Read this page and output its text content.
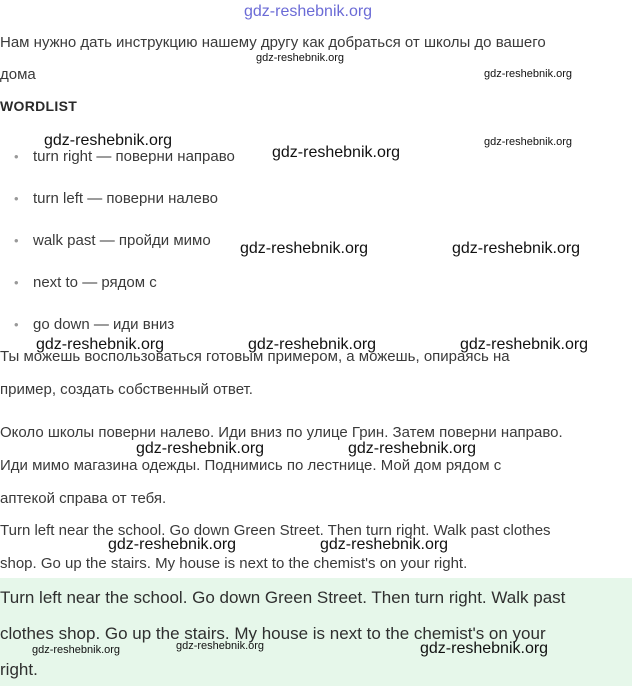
gdz-reshebnik.org
Нам нужно дать инструкцию нашему другу как добраться от школы до вашего
дома
WORDLIST
• turn right — поверни направо
• turn left — поверни налево
• walk past — пройди мимо
• next to — рядом с
• go down — иди вниз
Ты можешь воспользоваться готовым примером, а можешь, опираясь на
пример, создать собственный ответ.
Около школы поверни налево. Иди вниз по улице Грин. Затем поверни направо.
Иди мимо магазина одежды. Поднимись по лестнице. Мой дом рядом с
аптекой справа от тебя.
Turn left near the school. Go down Green Street. Then turn right. Walk past clothes
shop. Go up the stairs. My house is next to the chemist's on your right.
Turn left near the school. Go down Green Street. Then turn right. Walk past
clothes shop. Go up the stairs. My house is next to the chemist's on your
right.
gdz-reshebnik.org
gdz-reshebnik.org
gdz-reshebnik.org	gdz-reshebnik.org
gdz-reshebnik.org
gdz-reshebnik.org	gdz-reshebnik.org
gdz-reshebnik.org	gdz-reshebnik.org	gdz-reshebnik.org
gdz-reshebnik.org	gdz-reshebnik.org
gdz-reshebnik.org	gdz-reshebnik.org
gdz-reshebnik.org	gdz-reshebnik.org	gdz-reshebnik.org
